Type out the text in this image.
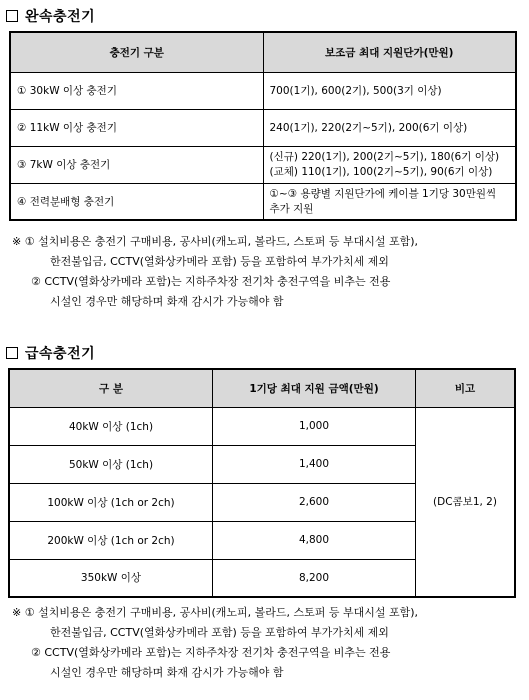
완속충전기
충전기 구분	보조금 최대 지원단가(만원)
① 30kW 이상 충전기	700(1기), 600(2기), 500(3기 이상)
② 11kW 이상 충전기	240(1기), 220(2기~5기), 200(6기 이상)
③ 7kW 이상 충전기	(신규) 220(1기), 200(2기~5기), 180(6기 이상)
(교체) 110(1기), 100(2기~5기), 90(6기 이상)

④ 전력분배형 충전기	①~③ 용량별 지원단가에 케이블 1기당 30만원씩 추가 지원
※ ① 설치비용은 충전기 구매비용, 공사비(캐노피, 볼라드, 스토퍼 등 부대시설 포함),
한전불입금, CCTV(열화상카메라 포함) 등을 포함하여 부가가치세 제외
② CCTV(열화상카메라 포함)는 지하주차장 전기차 충전구역을 비추는 전용
시설인 경우만 해당하며 화재 감시가 가능해야 함
급속충전기
구 분	1기당 최대 지원 금액(만원)	비고
40kW 이상 (1ch)	1,000	(DC콤보1, 2)
50kW 이상 (1ch)	1,400	
100kW 이상 (1ch or 2ch)	2,600	
200kW 이상 (1ch or 2ch)	4,800	
350kW 이상	8,200	
※ ① 설치비용은 충전기 구매비용, 공사비(캐노피, 볼라드, 스토퍼 등 부대시설 포함),
한전불입금, CCTV(열화상카메라 포함) 등을 포함하여 부가가치세 제외
② CCTV(열화상카메라 포함)는 지하주차장 전기차 충전구역을 비추는 전용
시설인 경우만 해당하며 화재 감시가 가능해야 함
